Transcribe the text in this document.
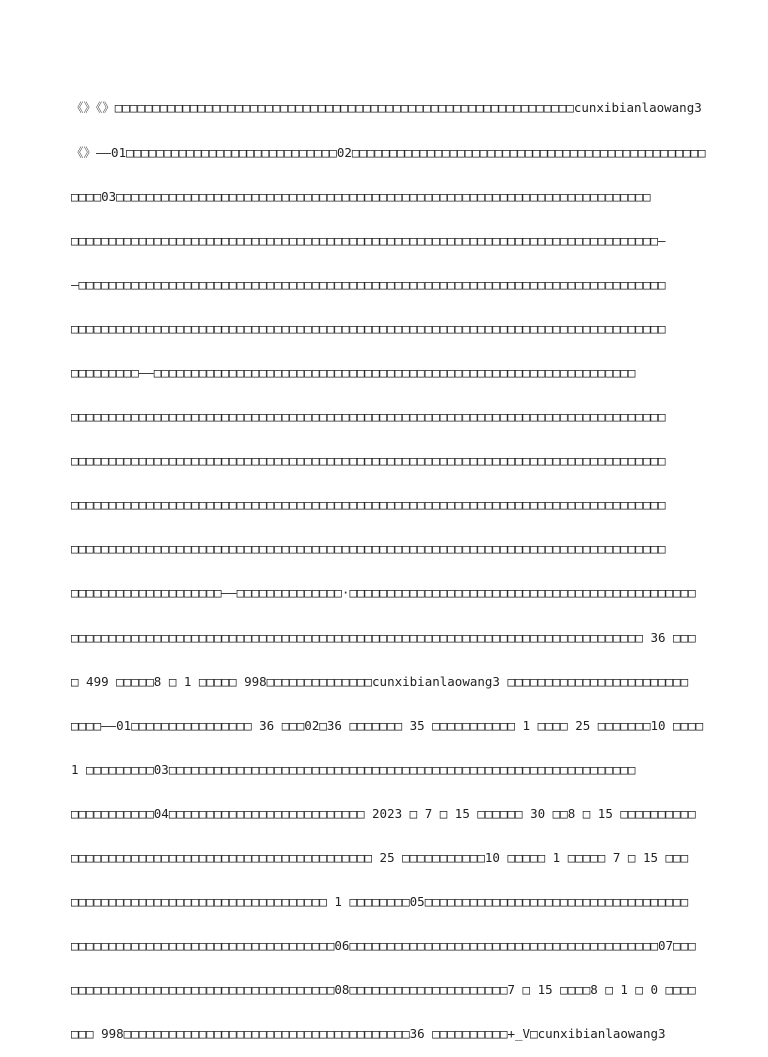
《》《》□□□□□□□□□□□□□□□□□□□□□□□□□□□□□□□□□□□□□□□□□□□□□□□□□□□□□□□□□□□□□cunxibianlaowang3

《》——01□□□□□□□□□□□□□□□□□□□□□□□□□□□□02□□□□□□□□□□□□□□□□□□□□□□□□□□□□□□□□□□□□□□□□□□□□□□□

□□□□03□□□□□□□□□□□□□□□□□□□□□□□□□□□□□□□□□□□□□□□□□□□□□□□□□□□□□□□□□□□□□□□□□□□□□□□

□□□□□□□□□□□□□□□□□□□□□□□□□□□□□□□□□□□□□□□□□□□□□□□□□□□□□□□□□□□□□□□□□□□□□□□□□□□□□□—

—□□□□□□□□□□□□□□□□□□□□□□□□□□□□□□□□□□□□□□□□□□□□□□□□□□□□□□□□□□□□□□□□□□□□□□□□□□□□□□

□□□□□□□□□□□□□□□□□□□□□□□□□□□□□□□□□□□□□□□□□□□□□□□□□□□□□□□□□□□□□□□□□□□□□□□□□□□□□□□

□□□□□□□□□——□□□□□□□□□□□□□□□□□□□□□□□□□□□□□□□□□□□□□□□□□□□□□□□□□□□□□□□□□□□□□□□□

□□□□□□□□□□□□□□□□□□□□□□□□□□□□□□□□□□□□□□□□□□□□□□□□□□□□□□□□□□□□□□□□□□□□□□□□□□□□□□□

□□□□□□□□□□□□□□□□□□□□□□□□□□□□□□□□□□□□□□□□□□□□□□□□□□□□□□□□□□□□□□□□□□□□□□□□□□□□□□□

□□□□□□□□□□□□□□□□□□□□□□□□□□□□□□□□□□□□□□□□□□□□□□□□□□□□□□□□□□□□□□□□□□□□□□□□□□□□□□□

□□□□□□□□□□□□□□□□□□□□□□□□□□□□□□□□□□□□□□□□□□□□□□□□□□□□□□□□□□□□□□□□□□□□□□□□□□□□□□□

□□□□□□□□□□□□□□□□□□□□——□□□□□□□□□□□□□□·□□□□□□□□□□□□□□□□□□□□□□□□□□□□□□□□□□□□□□□□□□□□□□

□□□□□□□□□□□□□□□□□□□□□□□□□□□□□□□□□□□□□□□□□□□□□□□□□□□□□□□□□□□□□□□□□□□□□□□□□□□□ 36 □□□

□ 499 □□□□□8 □ 1 □□□□□ 998□□□□□□□□□□□□□□cunxibianlaowang3 □□□□□□□□□□□□□□□□□□□□□□□□

□□□□——01□□□□□□□□□□□□□□□□ 36 □□□02□36 □□□□□□□ 35 □□□□□□□□□□□ 1 □□□□ 25 □□□□□□□10 □□□□

1 □□□□□□□□□03□□□□□□□□□□□□□□□□□□□□□□□□□□□□□□□□□□□□□□□□□□□□□□□□□□□□□□□□□□□□□□

□□□□□□□□□□□04□□□□□□□□□□□□□□□□□□□□□□□□□□ 2023 □ 7 □ 15 □□□□□□ 30 □□8 □ 15 □□□□□□□□□□

□□□□□□□□□□□□□□□□□□□□□□□□□□□□□□□□□□□□□□□□ 25 □□□□□□□□□□□10 □□□□□ 1 □□□□□ 7 □ 15 □□□

□□□□□□□□□□□□□□□□□□□□□□□□□□□□□□□□□□ 1 □□□□□□□□05□□□□□□□□□□□□□□□□□□□□□□□□□□□□□□□□□□□

□□□□□□□□□□□□□□□□□□□□□□□□□□□□□□□□□□□06□□□□□□□□□□□□□□□□□□□□□□□□□□□□□□□□□□□□□□□□□07□□□

□□□□□□□□□□□□□□□□□□□□□□□□□□□□□□□□□□□08□□□□□□□□□□□□□□□□□□□□□7 □ 15 □□□□8 □ 1 □ 0 □□□□

□□□ 998□□□□□□□□□□□□□□□□□□□□□□□□□□□□□□□□□□□□□□36 □□□□□□□□□□+_V□cunxibianlaowang3
